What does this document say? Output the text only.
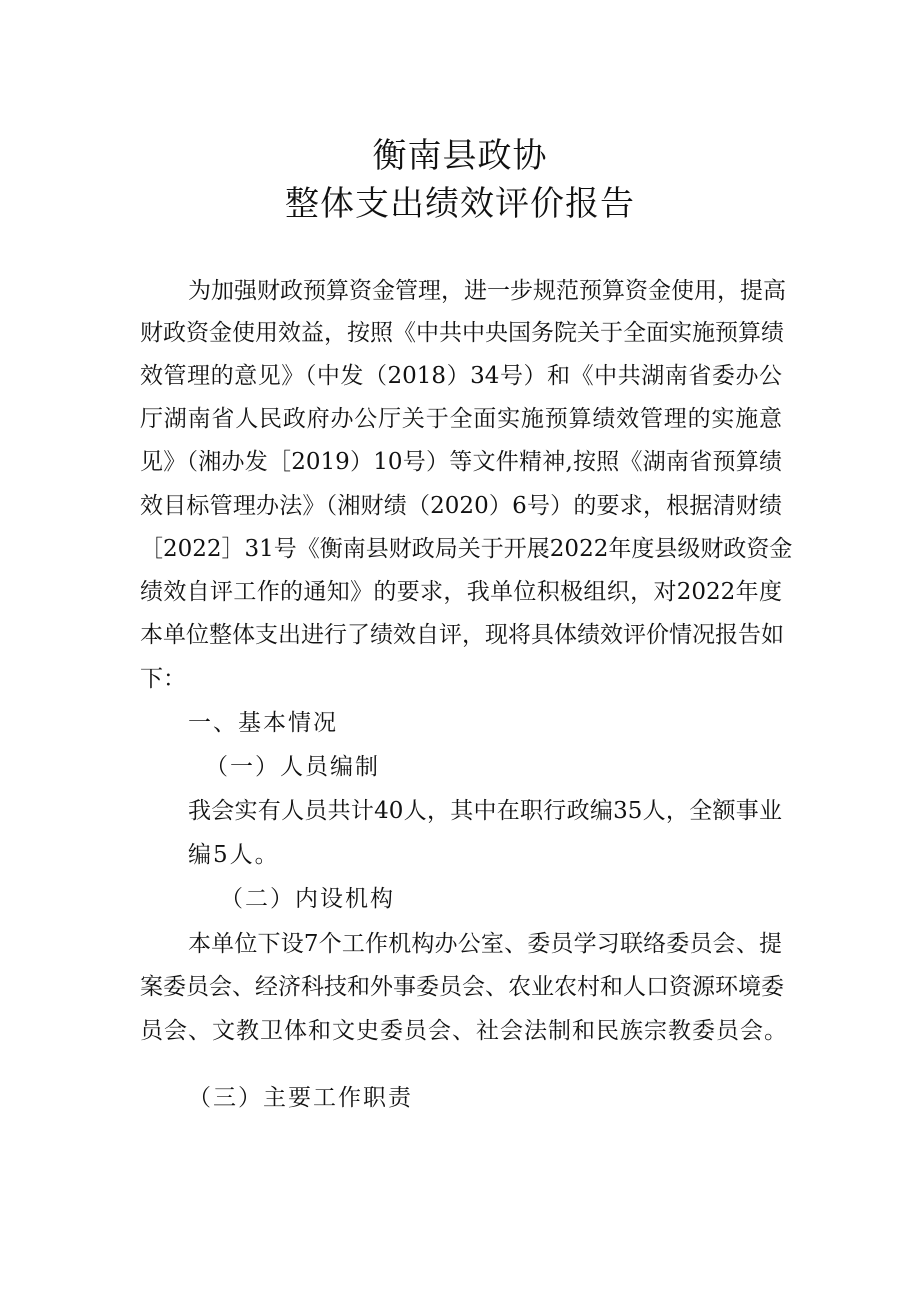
衡南县政协
整体支出绩效评价报告
为加强财政预算资金管理，进一步规范预算资金使用，提高
财政资金使用效益，按照《中共中央国务院关于全面实施预算绩
效管理的意见》（中发（2018）34号）和《中共湖南省委办公
厅湖南省人民政府办公厅关于全面实施预算绩效管理的实施意
见》（湘办发［2019）10号）等文件精神,按照《湖南省预算绩
效目标管理办法》（湘财绩（2020）6号）的要求，根据清财绩
［2022］31号《衡南县财政局关于开展2022年度县级财政资金
绩效自评工作的通知》的要求，我单位积极组织，对2022年度
本单位整体支出进行了绩效自评，现将具体绩效评价情况报告如
下：
一、基本情况
（一）人员编制
我会实有人员共计40人，其中在职行政编35人，全额事业
编5人。
（二）内设机构
本单位下设7个工作机构办公室、委员学习联络委员会、提
案委员会、经济科技和外事委员会、农业农村和人口资源环境委
员会、文教卫体和文史委员会、社会法制和民族宗教委员会。
（三）主要工作职责
